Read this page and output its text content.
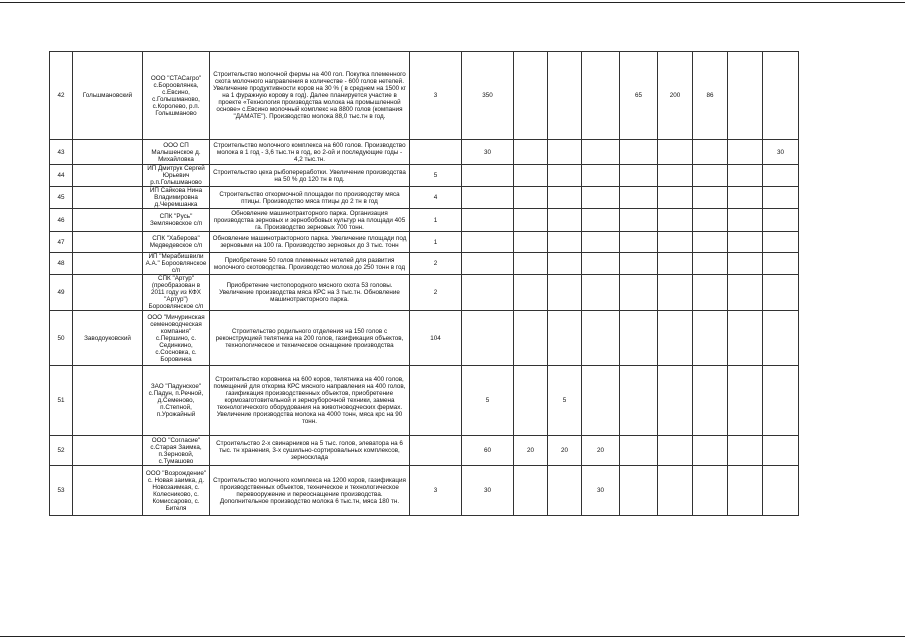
42	Гольшмановский	ООО "СТАСагро" с.Бороовлянка, с.Евсино, с.Голышманово, с.Королево, р.п. Голышманово	Строительство молочной фермы на 400 гол. Покупка племенного скота молочного направления в количестве - 600 голов нетелей. Увеличение продуктивности коров на 30 % ( в среднем на 1500 кг на 1 фуражную корову в год). Далее планируется участие в проекте «Технология производства молока на промышленной основе» с.Евсино молочный комплекс на 8800 голов (компания "ДАМАТЕ"). Производство молока 88,0 тыс.тн в год.	3	350				65	200	86		
43		ООО СП Малышенское д. Михайловка	Строительство молочного комплекса на 600 голов. Производство молока в 1 год - 3,6 тыс.тн в год, во 2-ой и последующие годы - 4,2 тыс.тн.		30								30
44		ИП Дмитрук Сергей Юрьевич р.п.Голышманово	Строительство цеха рыбопереработки. Увеличение производства на 50 % до 120 тн в год.	5									
45		ИП Сайкова Нина Владимировна д.Черемшанка	Строительство откормочной площадки по производству мяса птицы. Производство мяса птицы до 2 тн в год	4									
46		СПК "Русь" Земляновское с/п	Обновление машинотракторного парка. Организация производства зерновых и зернобобовых культур на площади 405 га. Производство зерновых 700 тонн.	1									
47		СПК "Хаберова" Медведевское с/п	Обновление машинотракторного парка. Увеличение площади под зерновыми на 100 га. Производство зерновых до 3 тыс. тонн	1									
48		ИП "Мерабишвили А.А." Бороовлянское с/п	Приобретение 50 голов племенных нетелей для развития молочного скотоводства. Производство молока до 250 тонн в год	2									
49		СПК "Артур" (преобразован в 2011 году из КФХ "Артур") Бороовлянское с/п	Приобретение чистопородного мясного скота 53 головы. Увеличение производства мяса КРС на 3 тыс.тн. Обновление машинотракторного парка.	2									
50	Заводоуковский	ООО "Мичуринская семеноводческая компания" с.Першино, с. Сединкино, с.Сосновка, с. Боровинка	Строительство родильного отделения на 150 голов с реконструкцией телятника на 200 голов, газификация объектов, технологическое и техническое оснащение производства	104									
51		ЗАО "Падунское" с.Падун, п.Речной, д.Семеново, п.Степной, п.Урожайный	Строительство коровника на 600 коров, телятника на 400 голов, помещений для откорма КРС мясного направления на 400 голов, газификация производственных объектов, приобретение кормозаготовительной и зерноуборочной техники, замена технологического оборудования на животноводческих фермах. Увеличение производства молока на 4000 тонн, мяса крс на 90 тонн.		5		5						
52		ООО "Согласие" с.Старая Заимка, п.Зерновой, с.Тумашово	Строительство 2-х свинарников на 5 тыс. голов, элеватора на 6 тыс. тн хранения, 3-х сушильно-сортировальных комплексов, зерносклада		60	20	20	20					
53		ООО "Возрождение" с. Новая заимка, д. Новозаимкая, с. Колесниково, с. Комиссарово, с. Бителя	Строительство молочного комплекса на 1200 коров, газификация производственных объектов, техническое и технологическое перевооружение и переоснащение производства. Дополнительное производство молока 6 тыс.тн, мяса 180 тн.	3	30			30					
